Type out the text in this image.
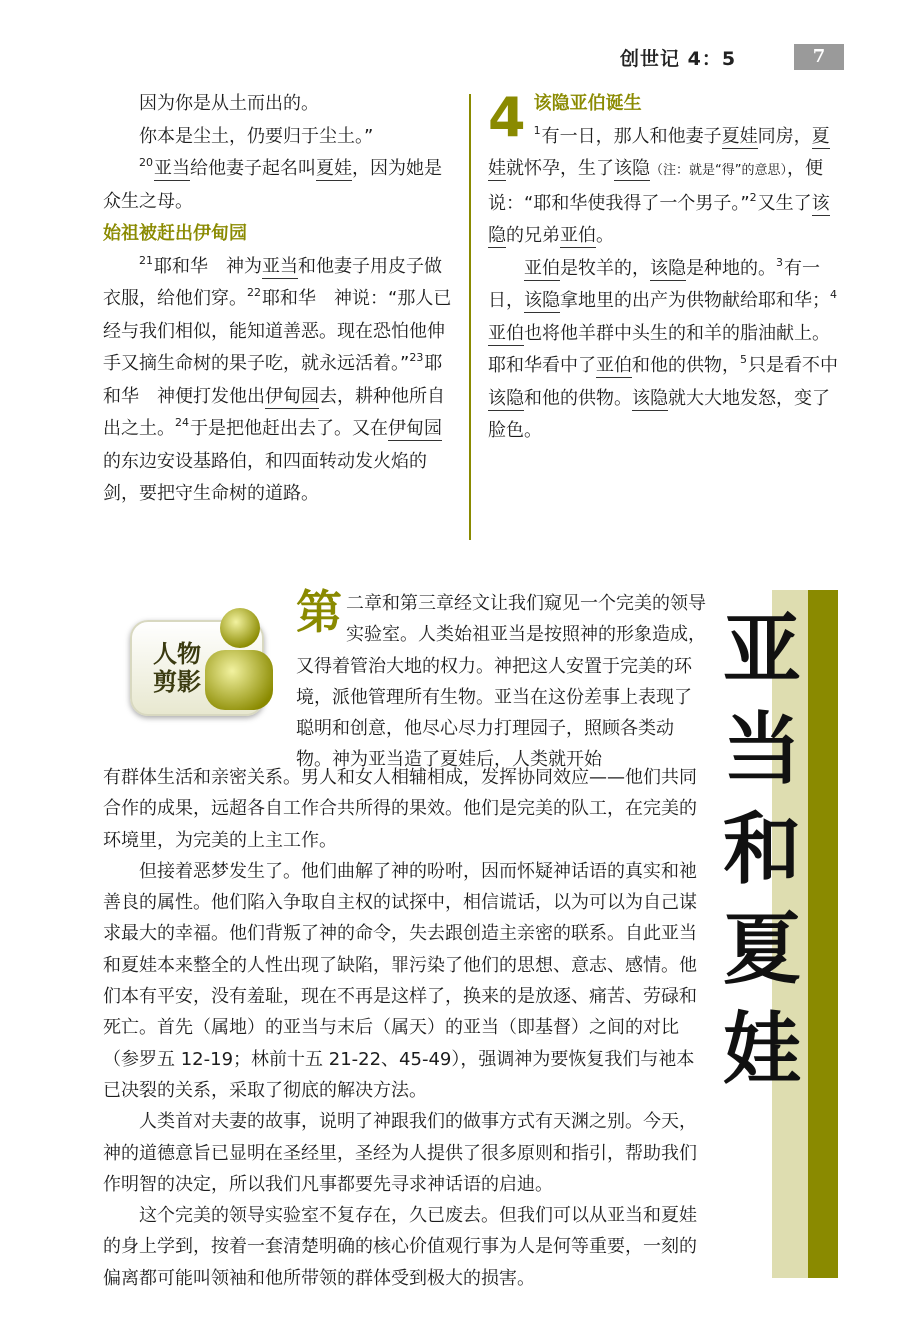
创世记 4：5	7

因为你是从土而出的。

你本是尘土，仍要归于尘土。”

$^{20}$亚当给他妻子起名叫夏娃，因为她是众生之母。

始祖被赶出伊甸园

$^{21}$耶和华　神为亚当和他妻子用皮子做衣服，给他们穿。$^{22}$耶和华　神说：“那人已经与我们相似，能知道善恶。现在恐怕他伸手又摘生命树的果子吃，就永远活着。”$^{23}$耶和华　神便打发他出伊甸园去，耕种他所自出之土。$^{24}$于是把他赶出去了。又在伊甸园的东边安设基路伯，和四面转动发火焰的剑，要把守生命树的道路。

4 该隐亚伯诞生

$^1$有一日，那人和他妻子夏娃同房，夏娃就怀孕，生了该隐（注：就是“得”的意思），便说：“耶和华使我得了一个男子。”$^2$又生了该隐的兄弟亚伯。

亚伯是牧羊的，该隐是种地的。$^3$有一日，该隐拿地里的出产为供物献给耶和华；$^4$亚伯也将他羊群中头生的和羊的脂油献上。耶和华看中了亚伯和他的供物，$^5$只是看不中该隐和他的供物。该隐就大大地发怒，变了脸色。

亚
当
和
夏
娃
人物
剪影

第二章和第三章经文让我们窥见一个完美的领导实验室。人类始祖亚当是按照神的形象造成，又得着管治大地的权力。神把这人安置于完美的环境，派他管理所有生物。亚当在这份差事上表现了聪明和创意，他尽心尽力打理园子，照顾各类动物。神为亚当造了夏娃后，人类就开始

有群体生活和亲密关系。男人和女人相辅相成，发挥协同效应——他们共同合作的成果，远超各自工作合共所得的果效。他们是完美的队工，在完美的环境里，为完美的上主工作。

但接着恶梦发生了。他们曲解了神的吩咐，因而怀疑神话语的真实和祂善良的属性。他们陷入争取自主权的试探中，相信谎话，以为可以为自己谋求最大的幸福。他们背叛了神的命令，失去跟创造主亲密的联系。自此亚当和夏娃本来整全的人性出现了缺陷，罪污染了他们的思想、意志、感情。他们本有平安，没有羞耻，现在不再是这样了，换来的是放逐、痛苦、劳碌和死亡。首先（属地）的亚当与末后（属天）的亚当（即基督）之间的对比（参罗五 12-19；林前十五 21-22、45-49），强调神为要恢复我们与祂本已决裂的关系，采取了彻底的解决方法。

人类首对夫妻的故事，说明了神跟我们的做事方式有天渊之别。今天，神的道德意旨已显明在圣经里，圣经为人提供了很多原则和指引，帮助我们作明智的决定，所以我们凡事都要先寻求神话语的启迪。

这个完美的领导实验室不复存在，久已废去。但我们可以从亚当和夏娃的身上学到，按着一套清楚明确的核心价值观行事为人是何等重要，一刻的偏离都可能叫领袖和他所带领的群体受到极大的损害。
